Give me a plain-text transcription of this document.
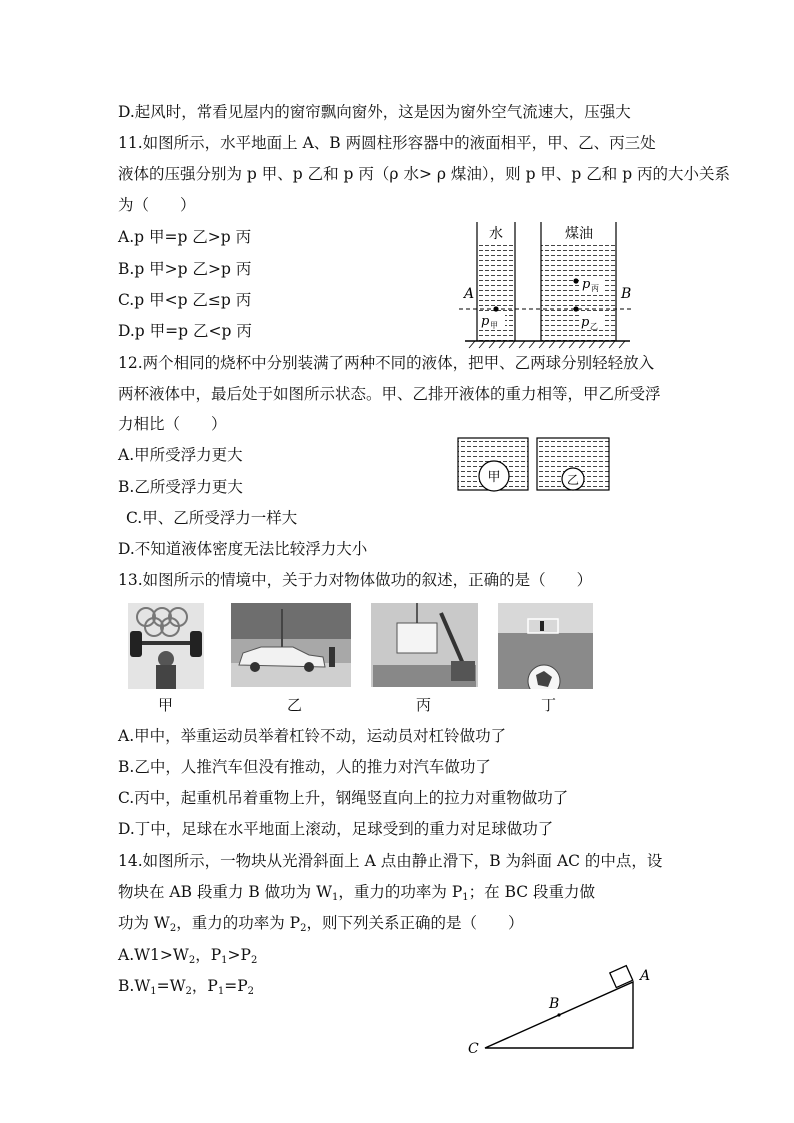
D.起风时，常看见屋内的窗帘飘向窗外，这是因为窗外空气流速大，压强大
11.如图所示，水平地面上 A、B 两圆柱形容器中的液面相平，甲、乙、丙三处
液体的压强分别为 p 甲、p 乙和 p 丙（ρ 水> ρ 煤油），则 p 甲、p 乙和 p 丙的大小关系
为（　　）
A.p 甲=p 乙>p 丙
B.p 甲>p 乙>p 丙
C.p 甲<p 乙≤p 丙
D.p 甲=p 乙<p 丙
水	煤油
p 甲
p 丙
p 乙
A	B
12.两个相同的烧杯中分别装满了两种不同的液体，把甲、乙两球分别轻轻放入
两杯液体中，最后处于如图所示状态。甲、乙排开液体的重力相等，甲乙所受浮
力相比（　　）
A.甲所受浮力更大
B.乙所受浮力更大
C.甲、乙所受浮力一样大
D.不知道液体密度无法比较浮力大小
甲	乙
13.如图所示的情境中，关于力对物体做功的叙述，正确的是（　　）
甲	乙	丙	丁
A.甲中，举重运动员举着杠铃不动，运动员对杠铃做功了
B.乙中，人推汽车但没有推动，人的推力对汽车做功了
C.丙中，起重机吊着重物上升，钢绳竖直向上的拉力对重物做功了
D.丁中，足球在水平地面上滚动，足球受到的重力对足球做功了
14.如图所示，一物块从光滑斜面上 A 点由静止滑下，B 为斜面 AC 的中点，设
物块在 AB 段重力 B 做功为 $W_1$，重力的功率为 $P_1$；在 BC 段重力做
功为 $W_2$，重力的功率为 $P_2$，则下列关系正确的是（　　）
$A.W1>W_2$，$P_1>P_2$
$B.W_1=W_2$，$P_1=P_2$
A
B
C
